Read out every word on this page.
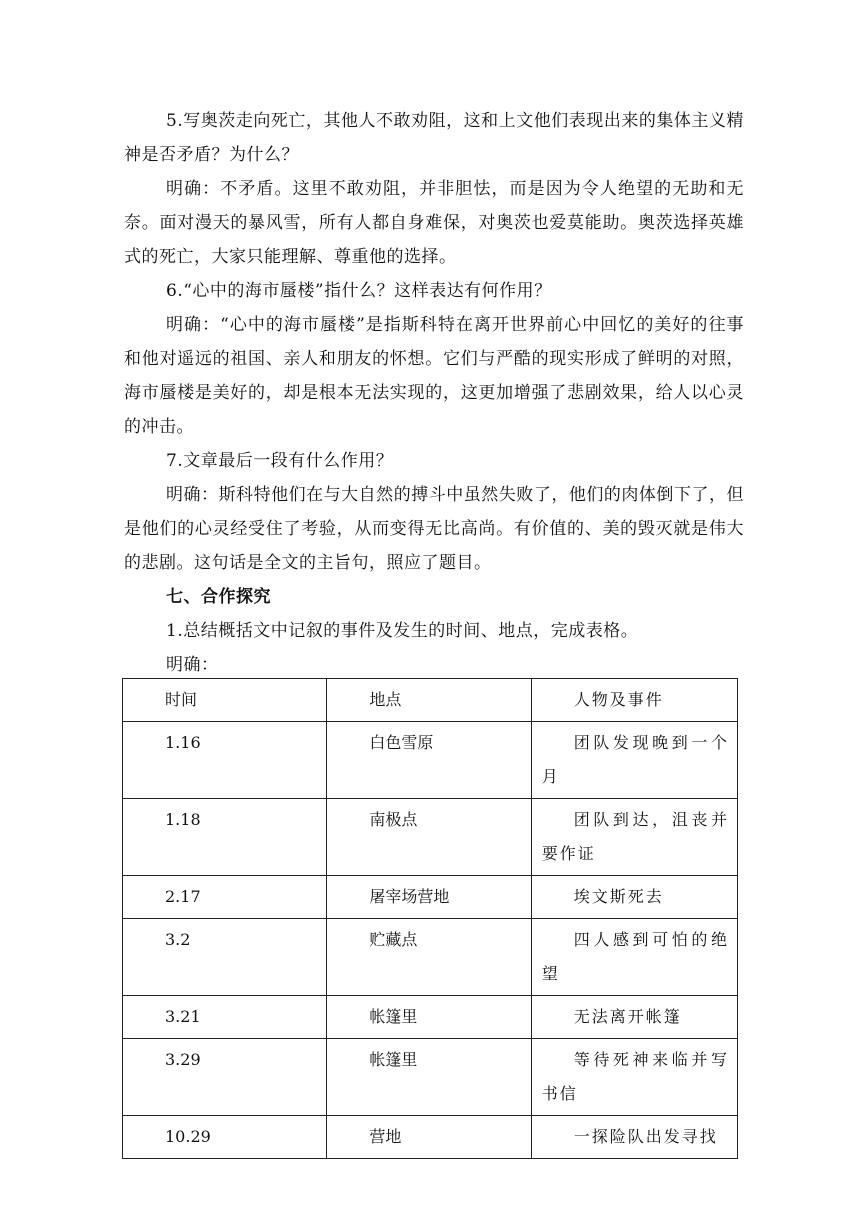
5.写奥茨走向死亡，其他人不敢劝阻，这和上文他们表现出来的集体主义精神是否矛盾？为什么？
明确：不矛盾。这里不敢劝阻，并非胆怯，而是因为令人绝望的无助和无奈。面对漫天的暴风雪，所有人都自身难保，对奥茨也爱莫能助。奥茨选择英雄式的死亡，大家只能理解、尊重他的选择。
6.“心中的海市蜃楼”指什么？这样表达有何作用？
明确：“心中的海市蜃楼”是指斯科特在离开世界前心中回忆的美好的往事和他对遥远的祖国、亲人和朋友的怀想。它们与严酷的现实形成了鲜明的对照，海市蜃楼是美好的，却是根本无法实现的，这更加增强了悲剧效果，给人以心灵的冲击。
7.文章最后一段有什么作用？
明确：斯科特他们在与大自然的搏斗中虽然失败了，他们的肉体倒下了，但是他们的心灵经受住了考验，从而变得无比高尚。有价值的、美的毁灭就是伟大的悲剧。这句话是全文的主旨句，照应了题目。
七、合作探究
1.总结概括文中记叙的事件及发生的时间、地点，完成表格。
明确：
时间	地点	人物及事件

1.16	白色雪原	团队发现晚到一个月

1.18	南极点	团队到达，沮丧并要作证

2.17	屠宰场营地	埃文斯死去

3.2	贮藏点	四人感到可怕的绝望

3.21	帐篷里	无法离开帐篷

3.29	帐篷里	等待死神来临并写书信

10.29	营地	一探险队出发寻找
